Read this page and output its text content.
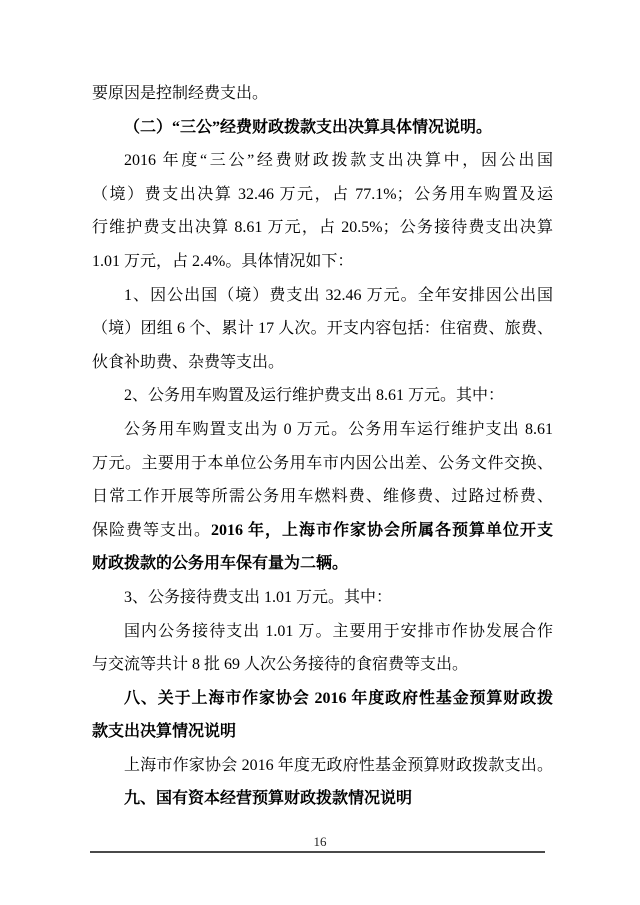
要原因是控制经费支出。
（二）“三公”经费财政拨款支出决算具体情况说明。
2016 年度“三公”经费财政拨款支出决算中，因公出国
（境）费支出决算 32.46 万元，占 77.1%；公务用车购置及运
行维护费支出决算 8.61 万元，占 20.5%；公务接待费支出决算
1.01 万元，占 2.4%。具体情况如下：
1、因公出国（境）费支出 32.46 万元。全年安排因公出国
（境）团组 6 个、累计 17 人次。开支内容包括：住宿费、旅费、
伙食补助费、杂费等支出。
2、公务用车购置及运行维护费支出 8.61 万元。其中：
公务用车购置支出为 0 万元。公务用车运行维护支出 8.61
万元。主要用于本单位公务用车市内因公出差、公务文件交换、
日常工作开展等所需公务用车燃料费、维修费、过路过桥费、
保险费等支出。2016 年，上海市作家协会所属各预算单位开支
财政拨款的公务用车保有量为二辆。
3、公务接待费支出 1.01 万元。其中：
国内公务接待支出 1.01 万。主要用于安排市作协发展合作
与交流等共计 8 批 69 人次公务接待的食宿费等支出。
八、关于上海市作家协会 2016 年度政府性基金预算财政拨
款支出决算情况说明
上海市作家协会 2016 年度无政府性基金预算财政拨款支出。
九、国有资本经营预算财政拨款情况说明
16
